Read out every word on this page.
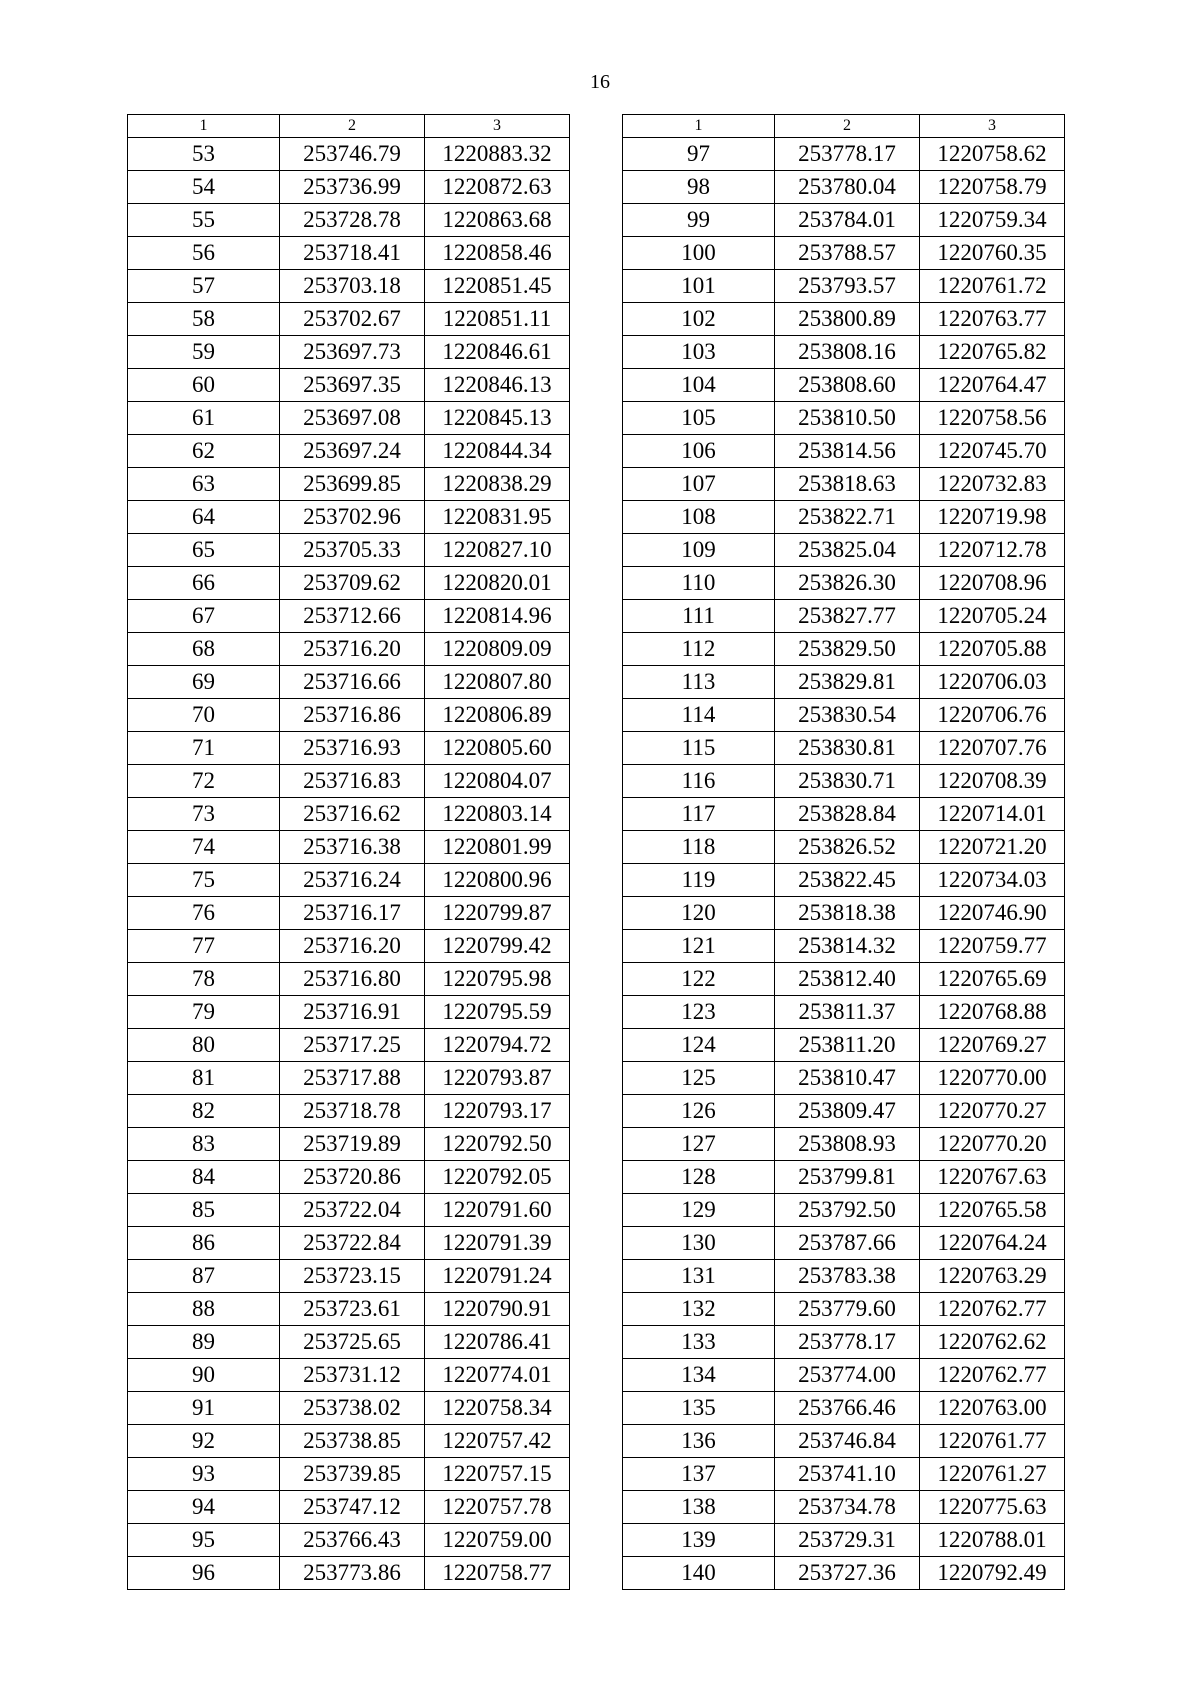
16
1	2	3
53	253746.79	1220883.32
54	253736.99	1220872.63
55	253728.78	1220863.68
56	253718.41	1220858.46
57	253703.18	1220851.45
58	253702.67	1220851.11
59	253697.73	1220846.61
60	253697.35	1220846.13
61	253697.08	1220845.13
62	253697.24	1220844.34
63	253699.85	1220838.29
64	253702.96	1220831.95
65	253705.33	1220827.10
66	253709.62	1220820.01
67	253712.66	1220814.96
68	253716.20	1220809.09
69	253716.66	1220807.80
70	253716.86	1220806.89
71	253716.93	1220805.60
72	253716.83	1220804.07
73	253716.62	1220803.14
74	253716.38	1220801.99
75	253716.24	1220800.96
76	253716.17	1220799.87
77	253716.20	1220799.42
78	253716.80	1220795.98
79	253716.91	1220795.59
80	253717.25	1220794.72
81	253717.88	1220793.87
82	253718.78	1220793.17
83	253719.89	1220792.50
84	253720.86	1220792.05
85	253722.04	1220791.60
86	253722.84	1220791.39
87	253723.15	1220791.24
88	253723.61	1220790.91
89	253725.65	1220786.41
90	253731.12	1220774.01
91	253738.02	1220758.34
92	253738.85	1220757.42
93	253739.85	1220757.15
94	253747.12	1220757.78
95	253766.43	1220759.00
96	253773.86	1220758.77
1	2	3
97	253778.17	1220758.62
98	253780.04	1220758.79
99	253784.01	1220759.34
100	253788.57	1220760.35
101	253793.57	1220761.72
102	253800.89	1220763.77
103	253808.16	1220765.82
104	253808.60	1220764.47
105	253810.50	1220758.56
106	253814.56	1220745.70
107	253818.63	1220732.83
108	253822.71	1220719.98
109	253825.04	1220712.78
110	253826.30	1220708.96
111	253827.77	1220705.24
112	253829.50	1220705.88
113	253829.81	1220706.03
114	253830.54	1220706.76
115	253830.81	1220707.76
116	253830.71	1220708.39
117	253828.84	1220714.01
118	253826.52	1220721.20
119	253822.45	1220734.03
120	253818.38	1220746.90
121	253814.32	1220759.77
122	253812.40	1220765.69
123	253811.37	1220768.88
124	253811.20	1220769.27
125	253810.47	1220770.00
126	253809.47	1220770.27
127	253808.93	1220770.20
128	253799.81	1220767.63
129	253792.50	1220765.58
130	253787.66	1220764.24
131	253783.38	1220763.29
132	253779.60	1220762.77
133	253778.17	1220762.62
134	253774.00	1220762.77
135	253766.46	1220763.00
136	253746.84	1220761.77
137	253741.10	1220761.27
138	253734.78	1220775.63
139	253729.31	1220788.01
140	253727.36	1220792.49
